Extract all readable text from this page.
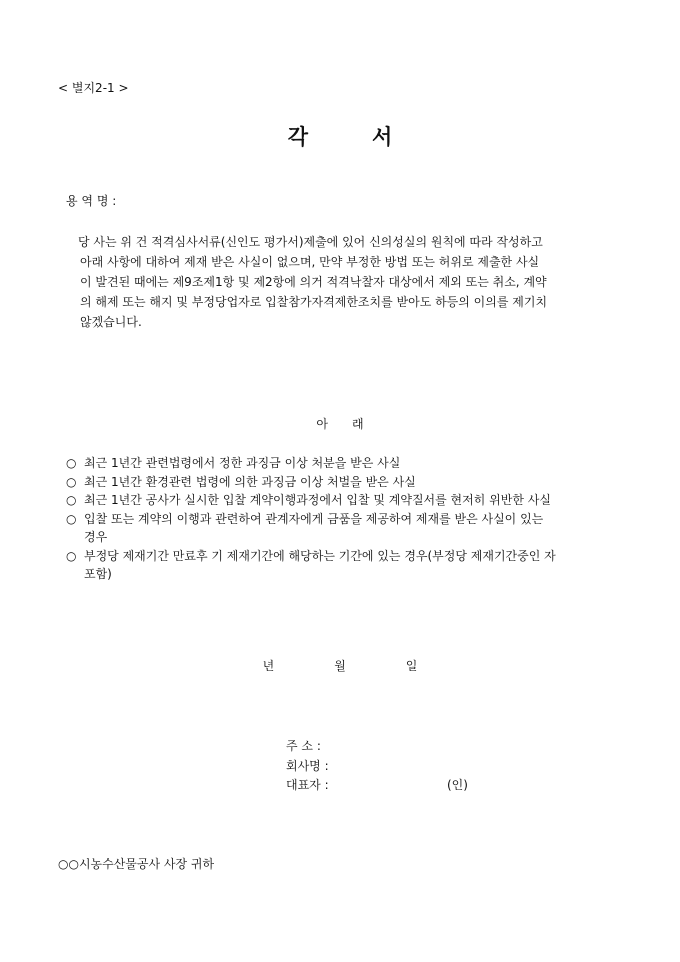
< 별지2-1 >
각	서
용 역 명 :
당 사는 위 건 적격심사서류(신인도 평가서)제출에 있어 신의성실의 원칙에 따라 작성하고
아래 사항에 대하여 제재 받은 사실이 없으며, 만약 부정한 방법 또는 허위로 제출한 사실
이 발견된 때에는 제9조제1항 및 제2항에 의거 적격낙찰자 대상에서 제외 또는 취소, 계약
의 해제 또는 해지 및 부정당업자로 입찰참가자격제한조치를 받아도 하등의 이의를 제기치
않겠습니다.
아 래
○ 최근 1년간 관련법령에서 정한 과징금 이상 처분을 받은 사실
○ 최근 1년간 환경관련 법령에 의한 과징금 이상 처벌을 받은 사실
○ 최근 1년간 공사가 실시한 입찰 계약이행과정에서 입찰 및 계약질서를 현저히 위반한 사실
○ 입찰 또는 계약의 이행과 관련하여 관계자에게 금품을 제공하여 제재를 받은 사실이 있는
경우
○ 부정당 제재기간 만료후 기 제재기간에 해당하는 기간에 있는 경우(부정당 제재기간중인 자
포함)
년	월	일
주 소 :
회사명 :
대표자 :	(인)
○○시농수산물공사 사장 귀하
